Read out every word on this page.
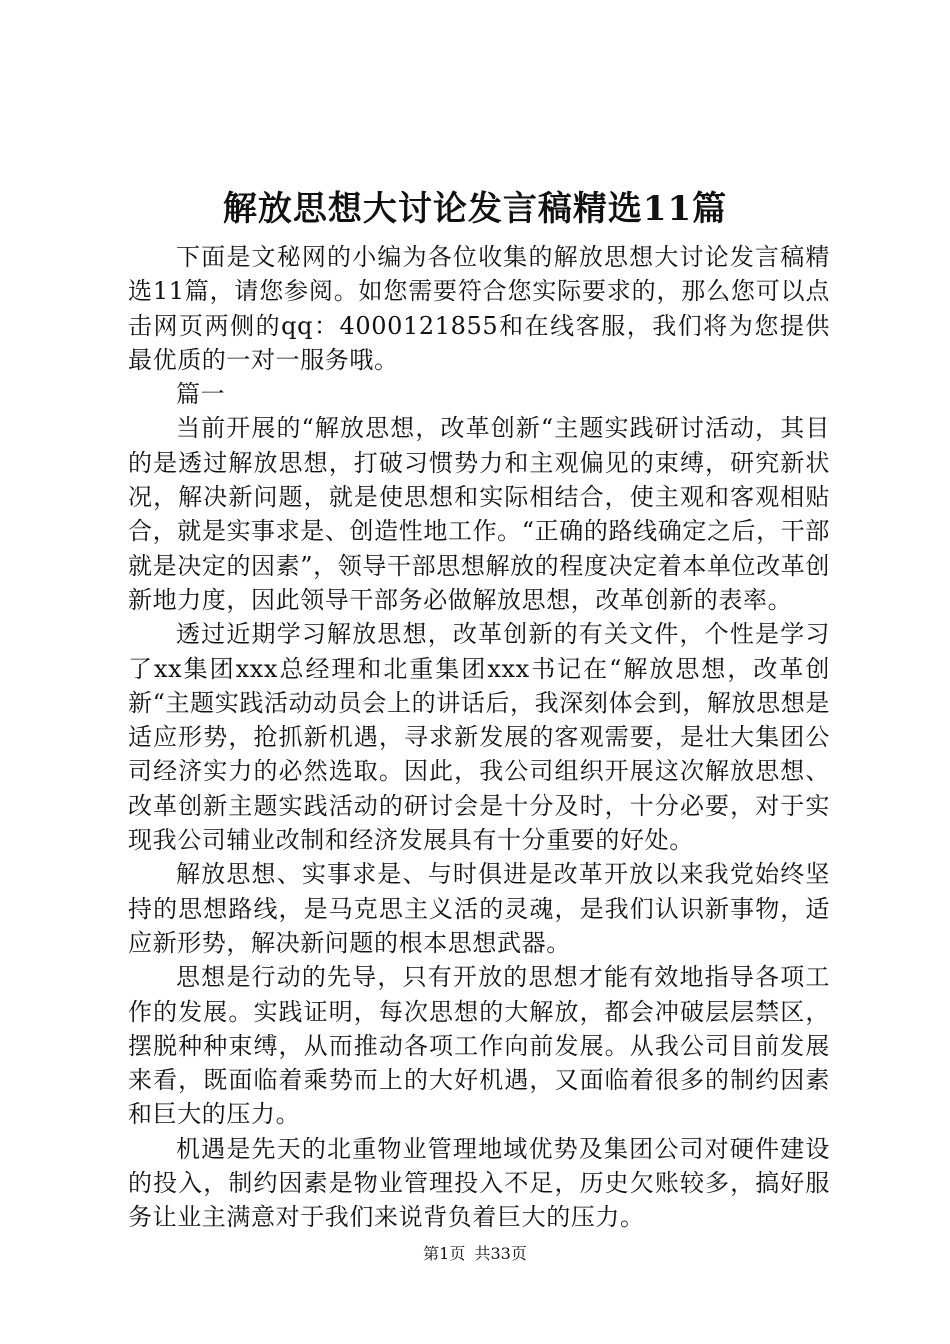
解放思想大讨论发言稿精选11篇

下面是文秘网的小编为各位收集的解放思想大讨论发言稿精选11篇，请您参阅。如您需要符合您实际要求的，那么您可以点击网页两侧的qq：4000121855和在线客服，我们将为您提供最优质的一对一服务哦。

篇一

当前开展的“解放思想，改革创新“主题实践研讨活动，其目的是透过解放思想，打破习惯势力和主观偏见的束缚，研究新状况，解决新问题，就是使思想和实际相结合，使主观和客观相贴合，就是实事求是、创造性地工作。“正确的路线确定之后，干部就是决定的因素”，领导干部思想解放的程度决定着本单位改革创新地力度，因此领导干部务必做解放思想，改革创新的表率。

透过近期学习解放思想，改革创新的有关文件，个性是学习了xx集团xxx总经理和北重集团xxx书记在“解放思想，改革创新“主题实践活动动员会上的讲话后，我深刻体会到，解放思想是适应形势，抢抓新机遇，寻求新发展的客观需要，是壮大集团公司经济实力的必然选取。因此，我公司组织开展这次解放思想、改革创新主题实践活动的研讨会是十分及时，十分必要，对于实现我公司辅业改制和经济发展具有十分重要的好处。

解放思想、实事求是、与时俱进是改革开放以来我党始终坚持的思想路线，是马克思主义活的灵魂，是我们认识新事物，适应新形势，解决新问题的根本思想武器。

思想是行动的先导，只有开放的思想才能有效地指导各项工作的发展。实践证明，每次思想的大解放，都会冲破层层禁区，摆脱种种束缚，从而推动各项工作向前发展。从我公司目前发展来看，既面临着乘势而上的大好机遇，又面临着很多的制约因素和巨大的压力。

机遇是先天的北重物业管理地域优势及集团公司对硬件建设的投入，制约因素是物业管理投入不足，历史欠账较多，搞好服务让业主满意对于我们来说背负着巨大的压力。

第1页 共33页
